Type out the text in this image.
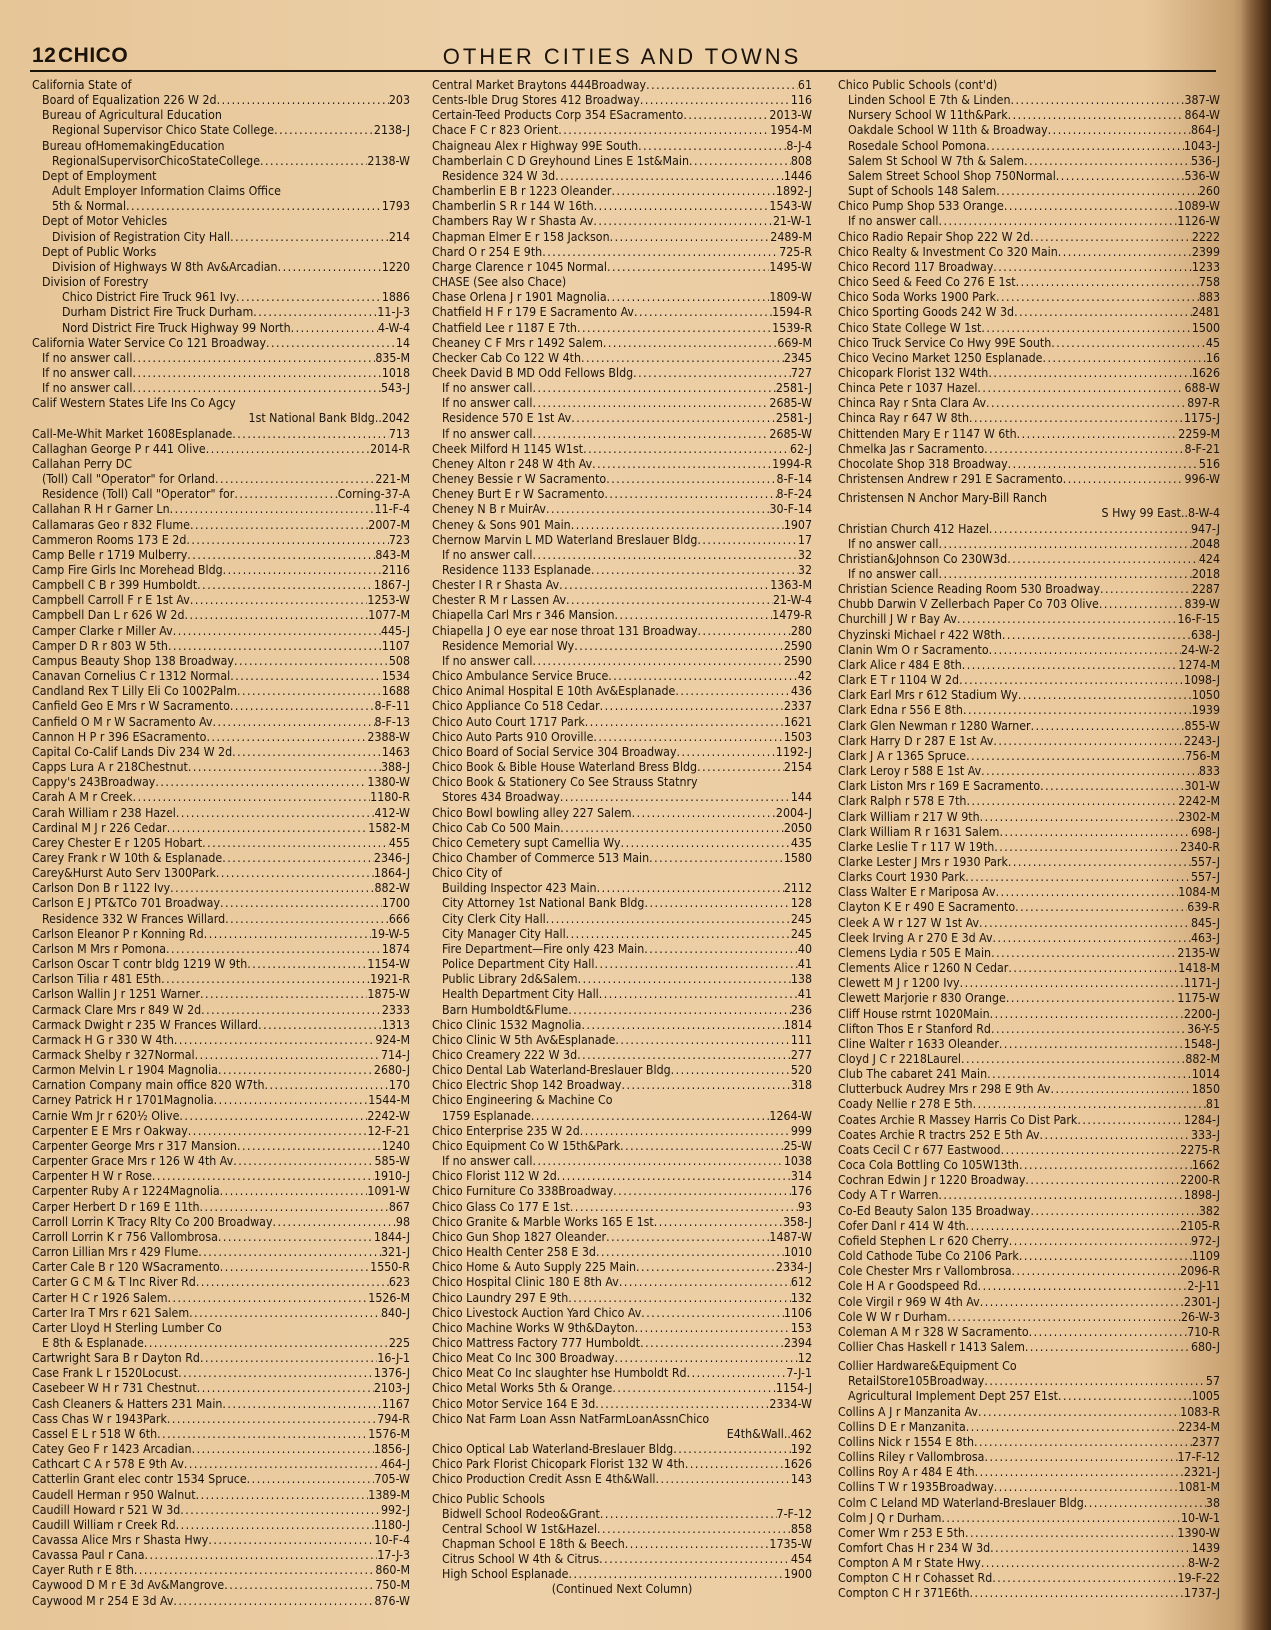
12 CHICO	OTHER CITIES AND TOWNS
California State of
Board of Equalization 226 W 2d .....	203
Bureau of Agricultural Education
Regional Supervisor Chico State College .....	2138-J
Bureau ofHomemakingEducation
RegionalSupervisorChicoStateCollege .....	2138-W
Dept of Employment
Adult Employer Information Claims Office
5th & Normal .....	1793
Dept of Motor Vehicles
Division of Registration City Hall .....	214
Dept of Public Works
Division of Highways W 8th Av&Arcadian .....	1220
Division of Forestry
Chico District Fire Truck 961 Ivy .....	1886
Durham District Fire Truck Durham .....	11-J-3
Nord District Fire Truck Highway 99 North .....	4-W-4
California Water Service Co 121 Broadway .....	14
If no answer call .....	835-M
If no answer call .....	1018
If no answer call .....	543-J
Calif Western States Life Ins Co Agcy
1st National Bank Bldg .. 2042
Call-Me-Whit Market 1608Esplanade .....	713
Callaghan George P r 441 Olive .....	2014-R
Callahan Perry DC
(Toll) Call "Operator" for Orland .....	221-M
Residence (Toll) Call "Operator" for .....	Corning-37-A
Callahan R H r Garner Ln .....	11-F-4
Callamaras Geo r 832 Flume .....	2007-M
Cammeron Rooms 173 E 2d .....	723
Camp Belle r 1719 Mulberry .....	843-M
Camp Fire Girls Inc Morehead Bldg .....	2116
Campbell C B r 399 Humboldt .....	1867-J
Campbell Carroll F r E 1st Av .....	1253-W
Campbell Dan L r 626 W 2d .....	1077-M
Camper Clarke r Miller Av .....	445-J
Camper D R r 803 W 5th .....	1107
Campus Beauty Shop 138 Broadway .....	508
Canavan Cornelius C r 1312 Normal .....	1534
Candland Rex T Lilly Eli Co 1002Palm .....	1688
Canfield Geo E Mrs r W Sacramento .....	8-F-11
Canfield O M r W Sacramento Av .....	8-F-13
Cannon H P r 396 ESacramento .....	2388-W
Capital Co-Calif Lands Div 234 W 2d .....	1463
Capps Lura A r 218Chestnut .....	388-J
Cappy's 243Broadway .....	1380-W
Carah A M r Creek .....	1180-R
Carah William r 238 Hazel .....	412-W
Cardinal M J r 226 Cedar .....	1582-M
Carey Chester E r 1205 Hobart .....	455
Carey Frank r W 10th & Esplanade .....	2346-J
Carey&Hurst Auto Serv 1300Park .....	1864-J
Carlson Don B r 1122 Ivy .....	882-W
Carlson E J PT&TCo 701 Broadway .....	1700
Residence 332 W Frances Willard .....	666
Carlson Eleanor P r Konning Rd .....	19-W-5
Carlson M Mrs r Pomona .....	1874
Carlson Oscar T contr bldg 1219 W 9th .....	1154-W
Carlson Tilia r 481 E5th .....	1921-R
Carlson Wallin J r 1251 Warner .....	1875-W
Carmack Clare Mrs r 849 W 2d .....	2333
Carmack Dwight r 235 W Frances Willard .....	1313
Carmack H G r 330 W 4th .....	924-M
Carmack Shelby r 327Normal .....	714-J
Carmon Melvin L r 1904 Magnolia .....	2680-J
Carnation Company main office 820 W7th .....	170
Carney Patrick H r 1701Magnolia .....	1544-M
Carnie Wm Jr r 620½ Olive .....	2242-W
Carpenter E E Mrs r Oakway .....	12-F-21
Carpenter George Mrs r 317 Mansion .....	1240
Carpenter Grace Mrs r 126 W 4th Av .....	585-W
Carpenter H W r Rose .....	1910-J
Carpenter Ruby A r 1224Magnolia .....	1091-W
Carper Herbert D r 169 E 11th .....	867
Carroll Lorrin K Tracy Rlty Co 200 Broadway .....	98
Carroll Lorrin K r 756 Vallombrosa .....	1844-J
Carron Lillian Mrs r 429 Flume .....	321-J
Carter Cale B r 120 WSacramento .....	1550-R
Carter G C M & T Inc River Rd .....	623
Carter H C r 1926 Salem .....	1526-M
Carter Ira T Mrs r 621 Salem .....	840-J
Carter Lloyd H Sterling Lumber Co
E 8th & Esplanade .....	225
Cartwright Sara B r Dayton Rd .....	16-J-1
Case Frank L r 1520Locust .....	1376-J
Casebeer W H r 731 Chestnut .....	2103-J
Cash Cleaners & Hatters 231 Main .....	1167
Cass Chas W r 1943Park .....	794-R
Cassel E L r 518 W 6th .....	1576-M
Catey Geo F r 1423 Arcadian .....	1856-J
Cathcart C A r 578 E 9th Av .....	464-J
Catterlin Grant elec contr 1534 Spruce .....	705-W
Caudell Herman r 950 Walnut .....	1389-M
Caudill Howard r 521 W 3d .....	992-J
Caudill William r Creek Rd .....	1180-J
Cavassa Alice Mrs r Shasta Hwy .....	10-F-4
Cavassa Paul r Cana .....	17-J-3
Cayer Ruth r E 8th .....	860-M
Caywood D M r E 3d Av&Mangrove .....	750-M
Caywood M r 254 E 3d Av .....	876-W
Central Market Braytons 444Broadway .....	61
Cents-Ible Drug Stores 412 Broadway .....	116
Certain-Teed Products Corp 354 ESacramento .....	2013-W
Chace F C r 823 Orient .....	1954-M
Chaigneau Alex r Highway 99E South .....	8-J-4
Chamberlain C D Greyhound Lines E 1st&Main .....	808
Residence 324 W 3d .....	1446
Chamberlin E B r 1223 Oleander .....	1892-J
Chamberlin S R r 144 W 16th .....	1543-W
Chambers Ray W r Shasta Av .....	21-W-1
Chapman Elmer E r 158 Jackson .....	2489-M
Chard O r 254 E 9th .....	725-R
Charge Clarence r 1045 Normal .....	1495-W
CHASE (See also Chace)
Chase Orlena J r 1901 Magnolia .....	1809-W
Chatfield H F r 179 E Sacramento Av .....	1594-R
Chatfield Lee r 1187 E 7th .....	1539-R
Cheaney C F Mrs r 1492 Salem .....	669-M
Checker Cab Co 122 W 4th .....	2345
Cheek David B MD Odd Fellows Bldg .....	727
If no answer call .....	2581-J
If no answer call .....	2685-W
Residence 570 E 1st Av .....	2581-J
If no answer call .....	2685-W
Cheek Milford H 1145 W1st .....	62-J
Cheney Alton r 248 W 4th Av .....	1994-R
Cheney Bessie r W Sacramento .....	8-F-14
Cheney Burt E r W Sacramento .....	8-F-24
Cheney N B r MuirAv .....	30-F-14
Cheney & Sons 901 Main .....	1907
Chernow Marvin L MD Waterland Breslauer Bldg .....	17
If no answer call .....	32
Residence 1133 Esplanade .....	32
Chester I R r Shasta Av .....	1363-M
Chester R M r Lassen Av .....	21-W-4
Chiapella Carl Mrs r 346 Mansion .....	1479-R
Chiapella J O eye ear nose throat 131 Broadway .....	280
Residence Memorial Wy .....	2590
If no answer call .....	2590
Chico Ambulance Service Bruce .....	42
Chico Animal Hospital E 10th Av&Esplanade .....	436
Chico Appliance Co 518 Cedar .....	2337
Chico Auto Court 1717 Park .....	1621
Chico Auto Parts 910 Oroville .....	1503
Chico Board of Social Service 304 Broadway .....	1192-J
Chico Book & Bible House Waterland Bress Bldg .....	2154
Chico Book & Stationery Co See Strauss Statnry
Stores 434 Broadway .....	144
Chico Bowl bowling alley 227 Salem .....	2004-J
Chico Cab Co 500 Main .....	2050
Chico Cemetery supt Camellia Wy .....	435
Chico Chamber of Commerce 513 Main .....	1580
Chico City of
Building Inspector 423 Main .....	2112
City Attorney 1st National Bank Bldg .....	128
City Clerk City Hall .....	245
City Manager City Hall .....	245
Fire Department—Fire only 423 Main .....	40
Police Department City Hall .....	41
Public Library 2d&Salem .....	138
Health Department City Hall .....	41
Barn Humboldt&Flume .....	236
Chico Clinic 1532 Magnolia .....	1814
Chico Clinic W 5th Av&Esplanade .....	111
Chico Creamery 222 W 3d .....	277
Chico Dental Lab Waterland-Breslauer Bldg .....	520
Chico Electric Shop 142 Broadway .....	318
Chico Engineering & Machine Co
1759 Esplanade .....	1264-W
Chico Enterprise 235 W 2d .....	999
Chico Equipment Co W 15th&Park .....	25-W
If no answer call .....	1038
Chico Florist 112 W 2d .....	314
Chico Furniture Co 338Broadway .....	176
Chico Glass Co 177 E 1st .....	93
Chico Granite & Marble Works 165 E 1st .....	358-J
Chico Gun Shop 1827 Oleander .....	1487-W
Chico Health Center 258 E 3d .....	1010
Chico Home & Auto Supply 225 Main .....	2334-J
Chico Hospital Clinic 180 E 8th Av .....	612
Chico Laundry 297 E 9th .....	132
Chico Livestock Auction Yard Chico Av .....	1106
Chico Machine Works W 9th&Dayton .....	153
Chico Mattress Factory 777 Humboldt .....	2394
Chico Meat Co Inc 300 Broadway .....	12
Chico Meat Co Inc slaughter hse Humboldt Rd .....	7-J-1
Chico Metal Works 5th & Orange .....	1154-J
Chico Motor Service 164 E 3d .....	2334-W
Chico Nat Farm Loan Assn NatFarmLoanAssnChico
E4th&Wall .. 462
Chico Optical Lab Waterland-Breslauer Bldg .....	192
Chico Park Florist Chicopark Florist 132 W 4th .....	1626
Chico Production Credit Assn E 4th&Wall .....	143
Chico Public Schools
Bidwell School Rodeo&Grant .....	7-F-12
Central School W 1st&Hazel .....	858
Chapman School E 18th & Beech .....	1735-W
Citrus School W 4th & Citrus .....	454
High School Esplanade .....	1900
(Continued Next Column)
Chico Public Schools (cont'd)
Linden School E 7th & Linden .....	387-W
Nursery School W 11th&Park .....	864-W
Oakdale School W 11th & Broadway .....	864-J
Rosedale School Pomona .....	1043-J
Salem St School W 7th & Salem .....	536-J
Salem Street School Shop 750Normal .....	536-W
Supt of Schools 148 Salem .....	260
Chico Pump Shop 533 Orange .....	1089-W
If no answer call .....	1126-W
Chico Radio Repair Shop 222 W 2d .....	2222
Chico Realty & Investment Co 320 Main .....	2399
Chico Record 117 Broadway .....	1233
Chico Seed & Feed Co 276 E 1st .....	758
Chico Soda Works 1900 Park .....	883
Chico Sporting Goods 242 W 3d .....	2481
Chico State College W 1st .....	1500
Chico Truck Service Co Hwy 99E South .....	45
Chico Vecino Market 1250 Esplanade .....	16
Chicopark Florist 132 W4th .....	1626
Chinca Pete r 1037 Hazel .....	688-W
Chinca Ray r Snta Clara Av .....	897-R
Chinca Ray r 647 W 8th .....	1175-J
Chittenden Mary E r 1147 W 6th .....	2259-M
Chmelka Jas r Sacramento .....	8-F-21
Chocolate Shop 318 Broadway .....	516
Christensen Andrew r 291 E Sacramento .....	996-W
Christensen N Anchor Mary-Bill Ranch
S Hwy 99 East .. 8-W-4
Christian Church 412 Hazel .....	947-J
If no answer call .....	2048
Christian&Johnson Co 230W3d .....	424
If no answer call .....	2018
Christian Science Reading Room 530 Broadway .....	2287
Chubb Darwin V Zellerbach Paper Co 703 Olive .....	839-W
Churchill J W r Bay Av .....	16-F-15
Chyzinski Michael r 422 W8th .....	638-J
Clanin Wm O r Sacramento .....	24-W-2
Clark Alice r 484 E 8th .....	1274-M
Clark E T r 1104 W 2d .....	1098-J
Clark Earl Mrs r 612 Stadium Wy .....	1050
Clark Edna r 556 E 8th .....	1939
Clark Glen Newman r 1280 Warner .....	855-W
Clark Harry D r 287 E 1st Av .....	2243-J
Clark J A r 1365 Spruce .....	756-M
Clark Leroy r 588 E 1st Av .....	833
Clark Liston Mrs r 169 E Sacramento .....	301-W
Clark Ralph r 578 E 7th .....	2242-M
Clark William r 217 W 9th .....	2302-M
Clark William R r 1631 Salem .....	698-J
Clarke Leslie T r 117 W 19th .....	2340-R
Clarke Lester J Mrs r 1930 Park .....	557-J
Clarks Court 1930 Park .....	557-J
Class Walter E r Mariposa Av .....	1084-M
Clayton K E r 490 E Sacramento .....	639-R
Cleek A W r 127 W 1st Av .....	845-J
Cleek Irving A r 270 E 3d Av .....	463-J
Clemens Lydia r 505 E Main .....	2135-W
Clements Alice r 1260 N Cedar .....	1418-M
Clewett M J r 1200 Ivy .....	1171-J
Clewett Marjorie r 830 Orange .....	1175-W
Cliff House rstrnt 1020Main .....	2200-J
Clifton Thos E r Stanford Rd .....	36-Y-5
Cline Walter r 1633 Oleander .....	1548-J
Cloyd J C r 2218Laurel .....	882-M
Club The cabaret 241 Main .....	1014
Clutterbuck Audrey Mrs r 298 E 9th Av .....	1850
Coady Nellie r 278 E 5th .....	81
Coates Archie R Massey Harris Co Dist Park .....	1284-J
Coates Archie R tractrs 252 E 5th Av .....	333-J
Coats Cecil C r 677 Eastwood .....	2275-R
Coca Cola Bottling Co 105W13th .....	1662
Cochran Edwin J r 1220 Broadway .....	2200-R
Cody A T r Warren .....	1898-J
Co-Ed Beauty Salon 135 Broadway .....	382
Cofer Danl r 414 W 4th .....	2105-R
Cofield Stephen L r 620 Cherry .....	972-J
Cold Cathode Tube Co 2106 Park .....	1109
Cole Chester Mrs r Vallombrosa .....	2096-R
Cole H A r Goodspeed Rd .....	2-J-11
Cole Virgil r 969 W 4th Av .....	2301-J
Cole W W r Durham .....	26-W-3
Coleman A M r 328 W Sacramento .....	710-R
Collier Chas Haskell r 1413 Salem .....	680-J
Collier Hardware&Equipment Co
RetailStore105Broadway .....	57
Agricultural Implement Dept 257 E1st .....	1005
Collins A J r Manzanita Av .....	1083-R
Collins D E r Manzanita .....	2234-M
Collins Nick r 1554 E 8th .....	2377
Collins Riley r Vallombrosa .....	17-F-12
Collins Roy A r 484 E 4th .....	2321-J
Collins T W r 1935Broadway .....	1081-M
Colm C Leland MD Waterland-Breslauer Bldg .....	38
Colm J Q r Durham .....	10-W-1
Comer Wm r 253 E 5th .....	1390-W
Comfort Chas H r 234 W 3d .....	1439
Compton A M r State Hwy .....	8-W-2
Compton C H r Cohasset Rd .....	19-F-22
Compton C H r 371E6th .....	1737-J
